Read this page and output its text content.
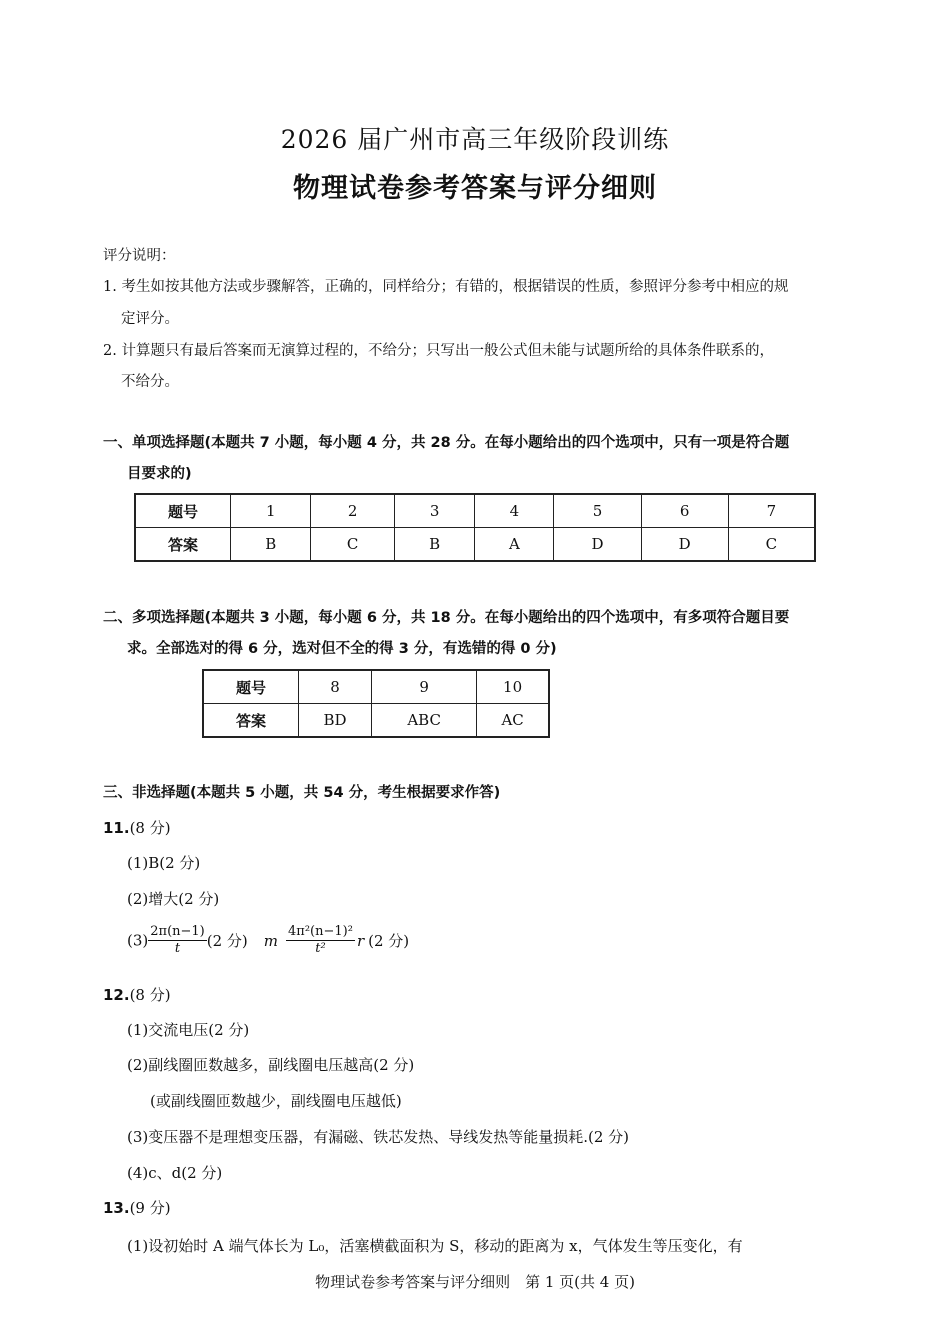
2026 届广州市高三年级阶段训练
物理试卷参考答案与评分细则
评分说明：
1. 考生如按其他方法或步骤解答，正确的，同样给分；有错的，根据错误的性质，参照评分参考中相应的规
定评分。
2. 计算题只有最后答案而无演算过程的，不给分；只写出一般公式但未能与试题所给的具体条件联系的，
不给分。
一、单项选择题(本题共 7 小题，每小题 4 分，共 28 分。在每小题给出的四个选项中，只有一项是符合题
目要求的)
题号	1	2	3	4	5	6	7
答案	B	C	B	A	D	D	C
二、多项选择题(本题共 3 小题，每小题 6 分，共 18 分。在每小题给出的四个选项中，有多项符合题目要
求。全部选对的得 6 分，选对但不全的得 3 分，有选错的得 0 分)
题号	8	9	10
答案	BD	ABC	AC
三、非选择题(本题共 5 小题，共 54 分，考生根据要求作答)
11.(8 分)
(1)B(2 分)
(2)增大(2 分)
$(3) \frac{2\pi(n-1)}{t} (2$ 分) m $\frac{\text{4π²(n−1)²}}{\text{t²}}$ r (2 分)
12.(8 分)
(1)交流电压(2 分)
(2)副线圈匝数越多，副线圈电压越高(2 分)
(或副线圈匝数越少，副线圈电压越低)
(3)变压器不是理想变压器，有漏磁、铁芯发热、导线发热等能量损耗.(2 分)
(4)c、d(2 分)
13.(9 分)
(1)设初始时 A 端气体长为 L₀，活塞横截面积为 S，移动的距离为 x，气体发生等压变化，有
物理试卷参考答案与评分细则　第 1 页(共 4 页)
